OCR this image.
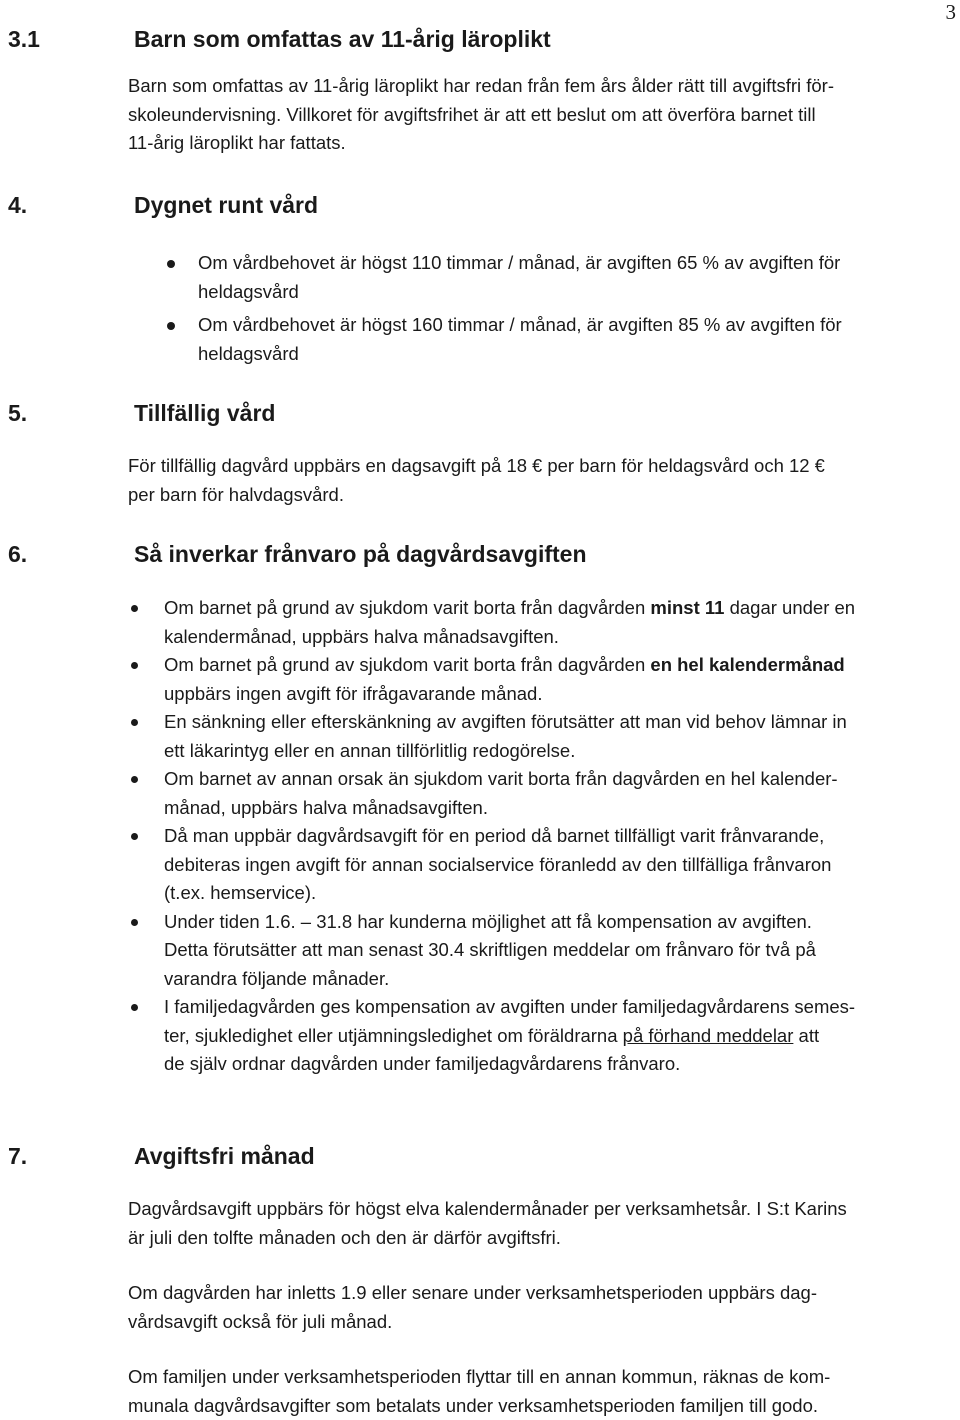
3
3.1	Barn som omfattas av 11-årig läroplikt
Barn som omfattas av 11-årig läroplikt har redan från fem års ålder rätt till avgiftsfri för-
skoleundervisning. Villkoret för avgiftsfrihet är att ett beslut om att överföra barnet till
11-årig läroplikt har fattats.
4.	Dygnet runt vård
Om vårdbehovet är högst 110 timmar / månad, är avgiften 65 % av avgiften för
heldagsvård
Om vårdbehovet är högst 160 timmar / månad, är avgiften 85 % av avgiften för
heldagsvård
5.	Tillfällig vård
För tillfällig dagvård uppbärs en dagsavgift på 18 € per barn för heldagsvård och 12 €
per barn för halvdagsvård.
6.	Så inverkar frånvaro på dagvårdsavgiften
Om barnet på grund av sjukdom varit borta från dagvården minst 11 dagar under en
kalendermånad, uppbärs halva månadsavgiften.
Om barnet på grund av sjukdom varit borta från dagvården en hel kalendermånad
uppbärs ingen avgift för ifrågavarande månad.
En sänkning eller efterskänkning av avgiften förutsätter att man vid behov lämnar in
ett läkarintyg eller en annan tillförlitlig redogörelse.
Om barnet av annan orsak än sjukdom varit borta från dagvården en hel kalender-
månad, uppbärs halva månadsavgiften.
Då man uppbär dagvårdsavgift för en period då barnet tillfälligt varit frånvarande,
debiteras ingen avgift för annan socialservice föranledd av den tillfälliga frånvaron
(t.ex. hemservice).
Under tiden 1.6. – 31.8 har kunderna möjlighet att få kompensation av avgiften.
Detta förutsätter att man senast 30.4 skriftligen meddelar om frånvaro för två på
varandra följande månader.
I familjedagvården ges kompensation av avgiften under familjedagvårdarens semes-
ter, sjukledighet eller utjämningsledighet om föräldrarna på förhand meddelar att
de själv ordnar dagvården under familjedagvårdarens frånvaro.
7.	Avgiftsfri månad
Dagvårdsavgift uppbärs för högst elva kalendermånader per verksamhetsår. I S:t Karins
är juli den tolfte månaden och den är därför avgiftsfri.
Om dagvården har inletts 1.9 eller senare under verksamhetsperioden uppbärs dag-
vårdsavgift också för juli månad.
Om familjen under verksamhetsperioden flyttar till en annan kommun, räknas de kom-
munala dagvårdsavgifter som betalats under verksamhetsperioden familjen till godo.
